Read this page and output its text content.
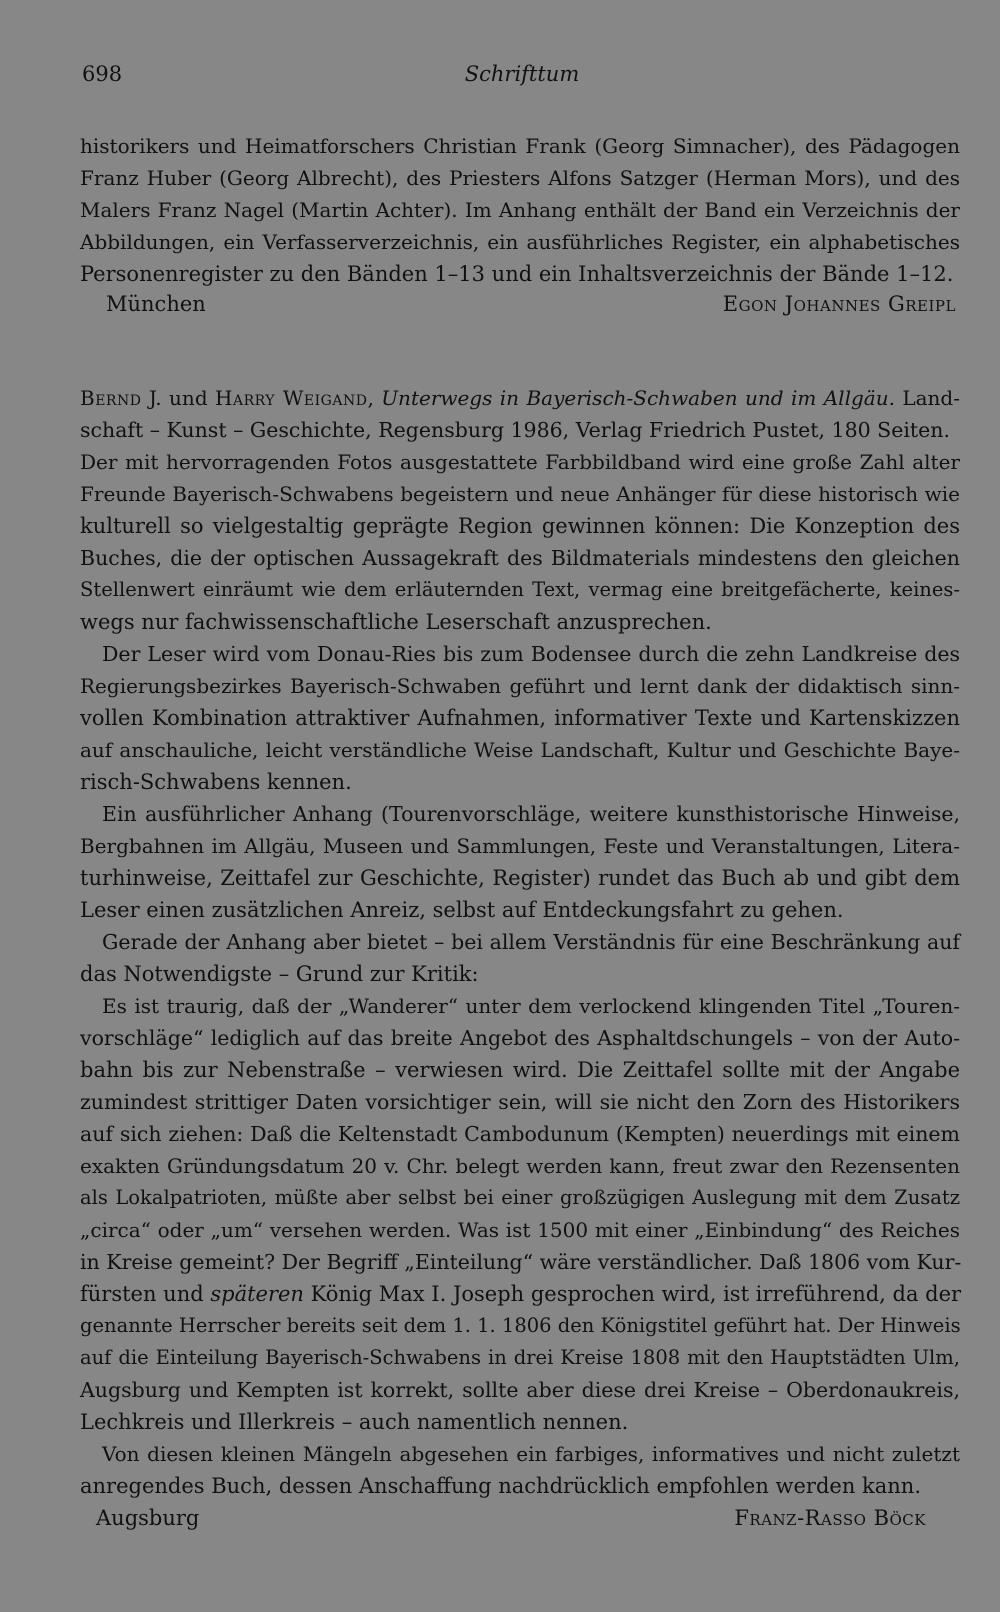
698	Schrifttum
historikers und Heimatforschers Christian Frank (Georg Simnacher), des Pädagogen
Franz Huber (Georg Albrecht), des Priesters Alfons Satzger (Herman Mors), und des
Malers Franz Nagel (Martin Achter). Im Anhang enthält der Band ein Verzeichnis der
Abbildungen, ein Verfasserverzeichnis, ein ausführliches Register, ein alphabetisches
Personenregister zu den Bänden 1–13 und ein Inhaltsverzeichnis der Bände 1–12.
München	Egon Johannes Greipl
Bernd J. und Harry Weigand, Unterwegs in Bayerisch-Schwaben und im Allgäu. Land-
schaft – Kunst – Geschichte, Regensburg 1986, Verlag Friedrich Pustet, 180 Seiten.
Der mit hervorragenden Fotos ausgestattete Farbbildband wird eine große Zahl alter
Freunde Bayerisch-Schwabens begeistern und neue Anhänger für diese historisch wie
kulturell so vielgestaltig geprägte Region gewinnen können: Die Konzeption des
Buches, die der optischen Aussagekraft des Bildmaterials mindestens den gleichen
Stellenwert einräumt wie dem erläuternden Text, vermag eine breitgefächerte, keines-
wegs nur fachwissenschaftliche Leserschaft anzusprechen.
Der Leser wird vom Donau-Ries bis zum Bodensee durch die zehn Landkreise des
Regierungsbezirkes Bayerisch-Schwaben geführt und lernt dank der didaktisch sinn-
vollen Kombination attraktiver Aufnahmen, informativer Texte und Kartenskizzen
auf anschauliche, leicht verständliche Weise Landschaft, Kultur und Geschichte Baye-
risch-Schwabens kennen.
Ein ausführlicher Anhang (Tourenvorschläge, weitere kunsthistorische Hinweise,
Bergbahnen im Allgäu, Museen und Sammlungen, Feste und Veranstaltungen, Litera-
turhinweise, Zeittafel zur Geschichte, Register) rundet das Buch ab und gibt dem
Leser einen zusätzlichen Anreiz, selbst auf Entdeckungsfahrt zu gehen.
Gerade der Anhang aber bietet – bei allem Verständnis für eine Beschränkung auf
das Notwendigste – Grund zur Kritik:
Es ist traurig, daß der „Wanderer“ unter dem verlockend klingenden Titel „Touren-
vorschläge“ lediglich auf das breite Angebot des Asphaltdschungels – von der Auto-
bahn bis zur Nebenstraße – verwiesen wird. Die Zeittafel sollte mit der Angabe
zumindest strittiger Daten vorsichtiger sein, will sie nicht den Zorn des Historikers
auf sich ziehen: Daß die Keltenstadt Cambodunum (Kempten) neuerdings mit einem
exakten Gründungsdatum 20 v. Chr. belegt werden kann, freut zwar den Rezensenten
als Lokalpatrioten, müßte aber selbst bei einer großzügigen Auslegung mit dem Zusatz
„circa“ oder „um“ versehen werden. Was ist 1500 mit einer „Einbindung“ des Reiches
in Kreise gemeint? Der Begriff „Einteilung“ wäre verständlicher. Daß 1806 vom Kur-
fürsten und späteren König Max I. Joseph gesprochen wird, ist irreführend, da der
genannte Herrscher bereits seit dem 1. 1. 1806 den Königstitel geführt hat. Der Hinweis
auf die Einteilung Bayerisch-Schwabens in drei Kreise 1808 mit den Hauptstädten Ulm,
Augsburg und Kempten ist korrekt, sollte aber diese drei Kreise – Oberdonaukreis,
Lechkreis und Illerkreis – auch namentlich nennen.
Von diesen kleinen Mängeln abgesehen ein farbiges, informatives und nicht zuletzt
anregendes Buch, dessen Anschaffung nachdrücklich empfohlen werden kann.
Augsburg	Franz-Rasso Böck
